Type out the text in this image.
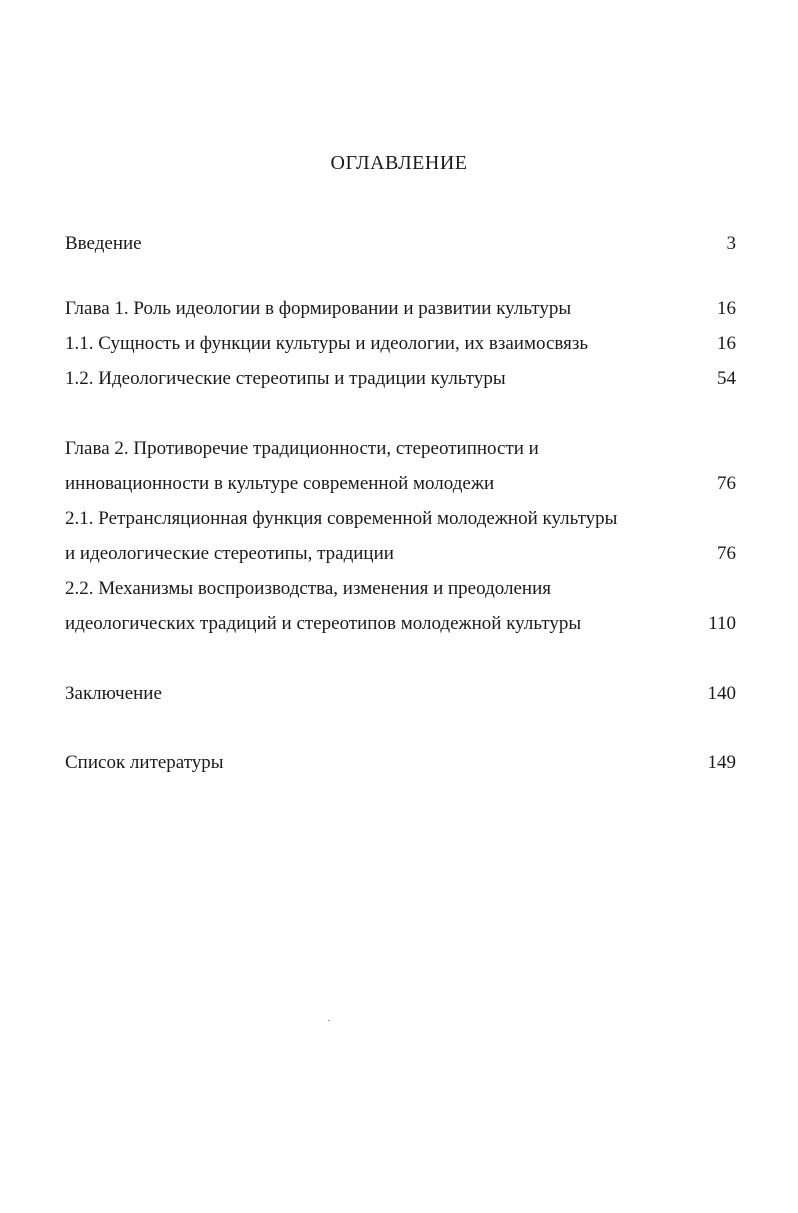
ОГЛАВЛЕНИЕ
Введение	3
Глава 1. Роль идеологии в формировании и развитии культуры	16
1.1. Сущность и функции культуры и идеологии, их взаимосвязь	16
1.2. Идеологические стереотипы и традиции культуры	54
Глава 2. Противоречие традиционности, стереотипности и
инновационности в культуре современной молодежи	76
2.1. Ретрансляционная функция современной молодежной культуры
и идеологические стереотипы, традиции	76
2.2. Механизмы воспроизводства, изменения и преодоления
идеологических традиций и стереотипов молодежной культуры	110
Заключение	140
Список литературы	149
